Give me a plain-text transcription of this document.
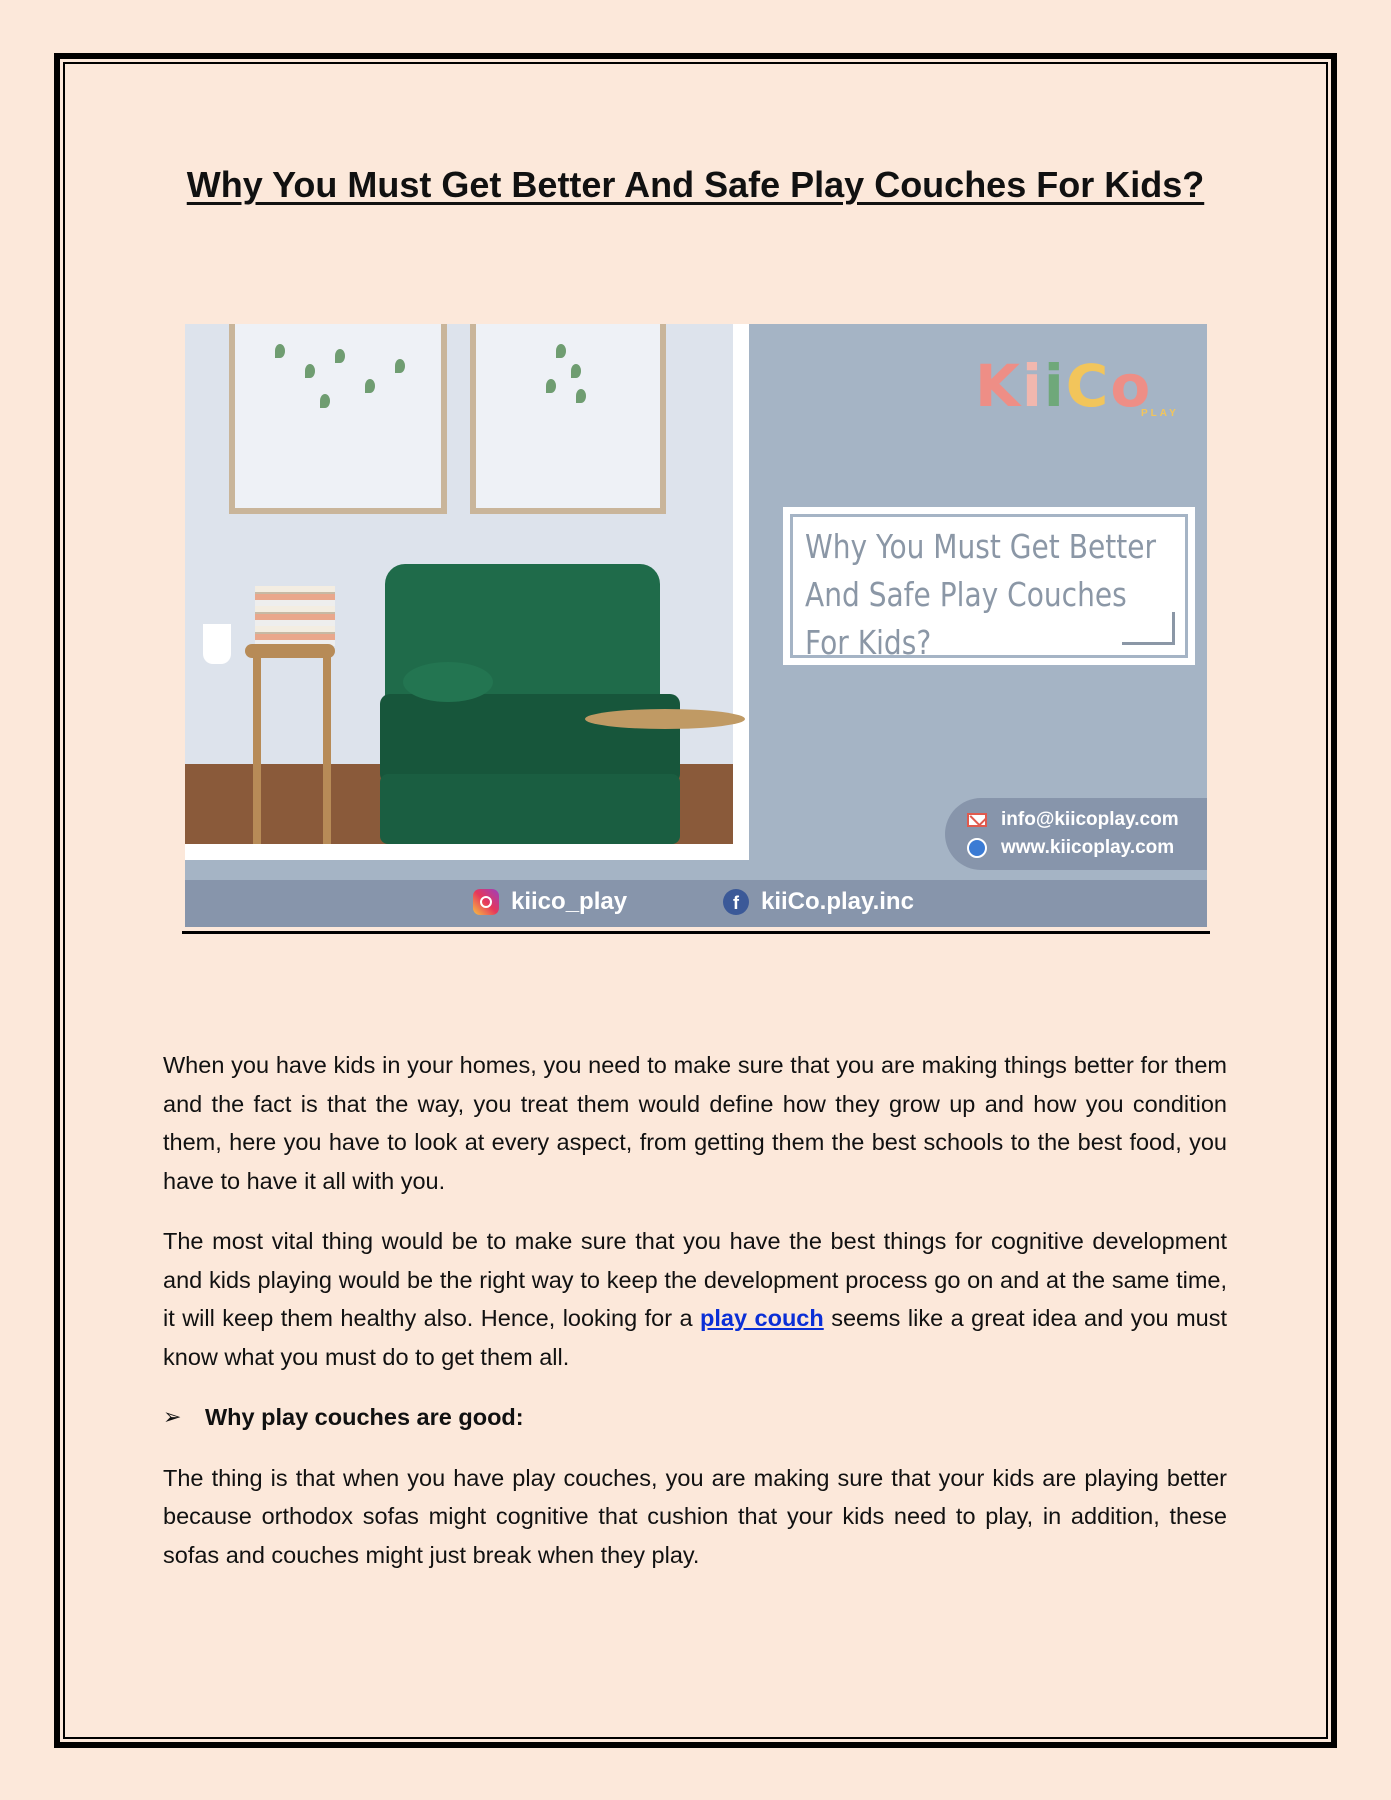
Why You Must Get Better And Safe Play Couches For Kids?
KiiCo
PLAY
Why You Must Get Better And Safe Play Couches For Kids?
info@kiicoplay.com
www.kiicoplay.com
kiico_play	f kiiCo.play.inc

When you have kids in your homes, you need to make sure that you are making things better for them and the fact is that the way, you treat them would define how they grow up and how you condition them, here you have to look at every aspect, from getting them the best schools to the best food, you have to have it all with you.

The most vital thing would be to make sure that you have the best things for cognitive development and kids playing would be the right way to keep the development process go on and at the same time, it will keep them healthy also. Hence, looking for a play couch seems like a great idea and you must know what you must do to get them all.

➢	Why play couches are good:

The thing is that when you have play couches, you are making sure that your kids are playing better because orthodox sofas might cognitive that cushion that your kids need to play, in addition, these sofas and couches might just break when they play.
